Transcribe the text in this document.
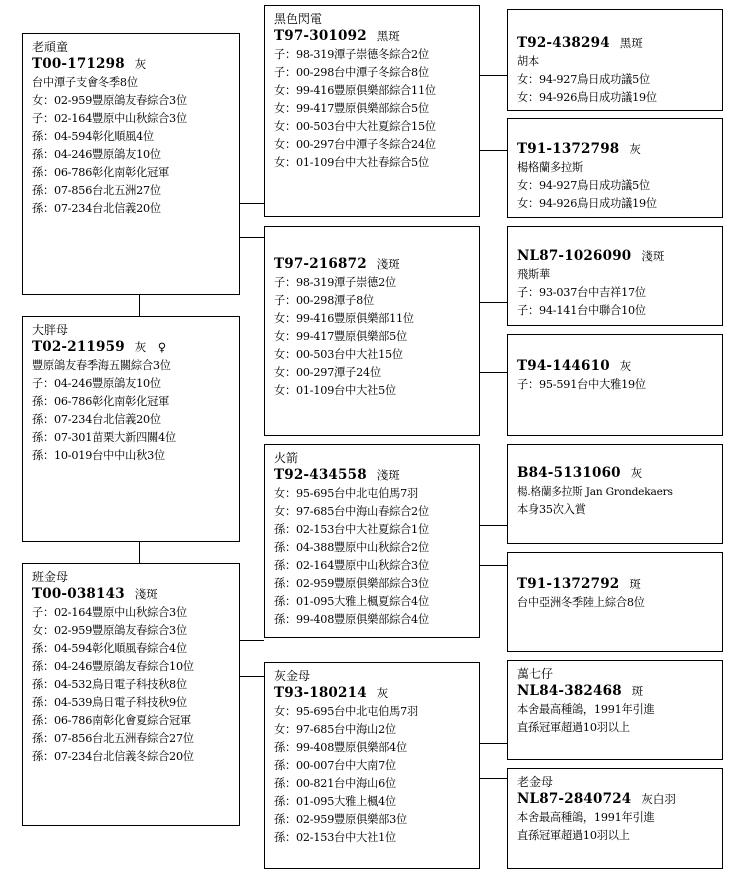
老頑童
T00-171298 灰
台中潭子支會冬季8位
女：02-959豐原鴿友春綜合3位
子：02-164豐原中山秋綜合3位
孫：04-594彰化順風4位
孫：04-246豐原鴿友10位
孫：06-786彰化南彰化冠軍
孫：07-856台北五洲27位
孫：07-234台北信義20位
大胖母
T02-211959 灰　♀
豐原鴿友春季海五關綜合3位
子：04-246豐原鴿友10位
孫：06-786彰化南彰化冠軍
孫：07-234台北信義20位
孫：07-301苗栗大新四關4位
孫：10-019台中中山秋3位
班金母
T00-038143 淺斑
子：02-164豐原中山秋綜合3位
女：02-959豐原鴿友春綜合3位
孫：04-594彰化順風春綜合4位
孫：04-246豐原鴿友春綜合10位
孫：04-532鳥日電子科技秋8位
孫：04-539鳥日電子科技秋9位
孫：06-786南彰化會夏綜合冠軍
孫：07-856台北五洲春綜合27位
孫：07-234台北信義冬綜合20位
黑色閃電
T97-301092 黑斑
子：98-319潭子崇德冬綜合2位
子：00-298台中潭子冬綜合8位
女：99-416豐原俱樂部綜合11位
女：99-417豐原俱樂部綜合5位
女：00-503台中大社夏綜合15位
女：00-297台中潭子冬綜合24位
女：01-109台中大社春綜合5位
T97-216872 淺斑
子：98-319潭子崇德2位
子：00-298潭子8位
女：99-416豐原俱樂部11位
女：99-417豐原俱樂部5位
女：00-503台中大社15位
女：00-297潭子24位
女：01-109台中大社5位
火箭
T92-434558 淺斑
女：95-695台中北屯伯馬7羽
女：97-685台中海山春綜合2位
孫：02-153台中大社夏綜合1位
孫：04-388豐原中山秋綜合2位
孫：02-164豐原中山秋綜合3位
孫：02-959豐原俱樂部綜合3位
孫：01-095大雅上楓夏綜合4位
孫：99-408豐原俱樂部綜合4位
灰金母
T93-180214 灰
女：95-695台中北屯伯馬7羽
女：97-685台中海山2位
孫：99-408豐原俱樂部4位
孫：00-007台中大南7位
孫：00-821台中海山6位
孫：01-095大雅上楓4位
孫：02-959豐原俱樂部3位
孫：02-153台中大社1位
T92-438294 黑斑
胡本
女：94-927鳥日成功議5位
女：94-926鳥日成功議19位
T91-1372798 灰
楊格蘭多拉斯
女：94-927鳥日成功議5位
女：94-926鳥日成功議19位
NL87-1026090 淺斑
飛斯華
子：93-037台中吉祥17位
子：94-141台中聯合10位
T94-144610 灰
子：95-591台中大雅19位
B84-5131060 灰
楊.格蘭多拉斯 Jan Grondekaers
本身35次入賞
T91-1372792 斑
台中亞洲冬季陸上綜合8位
萬七仔
NL84-382468 斑
本舍最高種鴿，1991年引進
直孫冠軍超過10羽以上
老金母
NL87-2840724 灰白羽
本舍最高種鴿，1991年引進
直孫冠軍超過10羽以上
